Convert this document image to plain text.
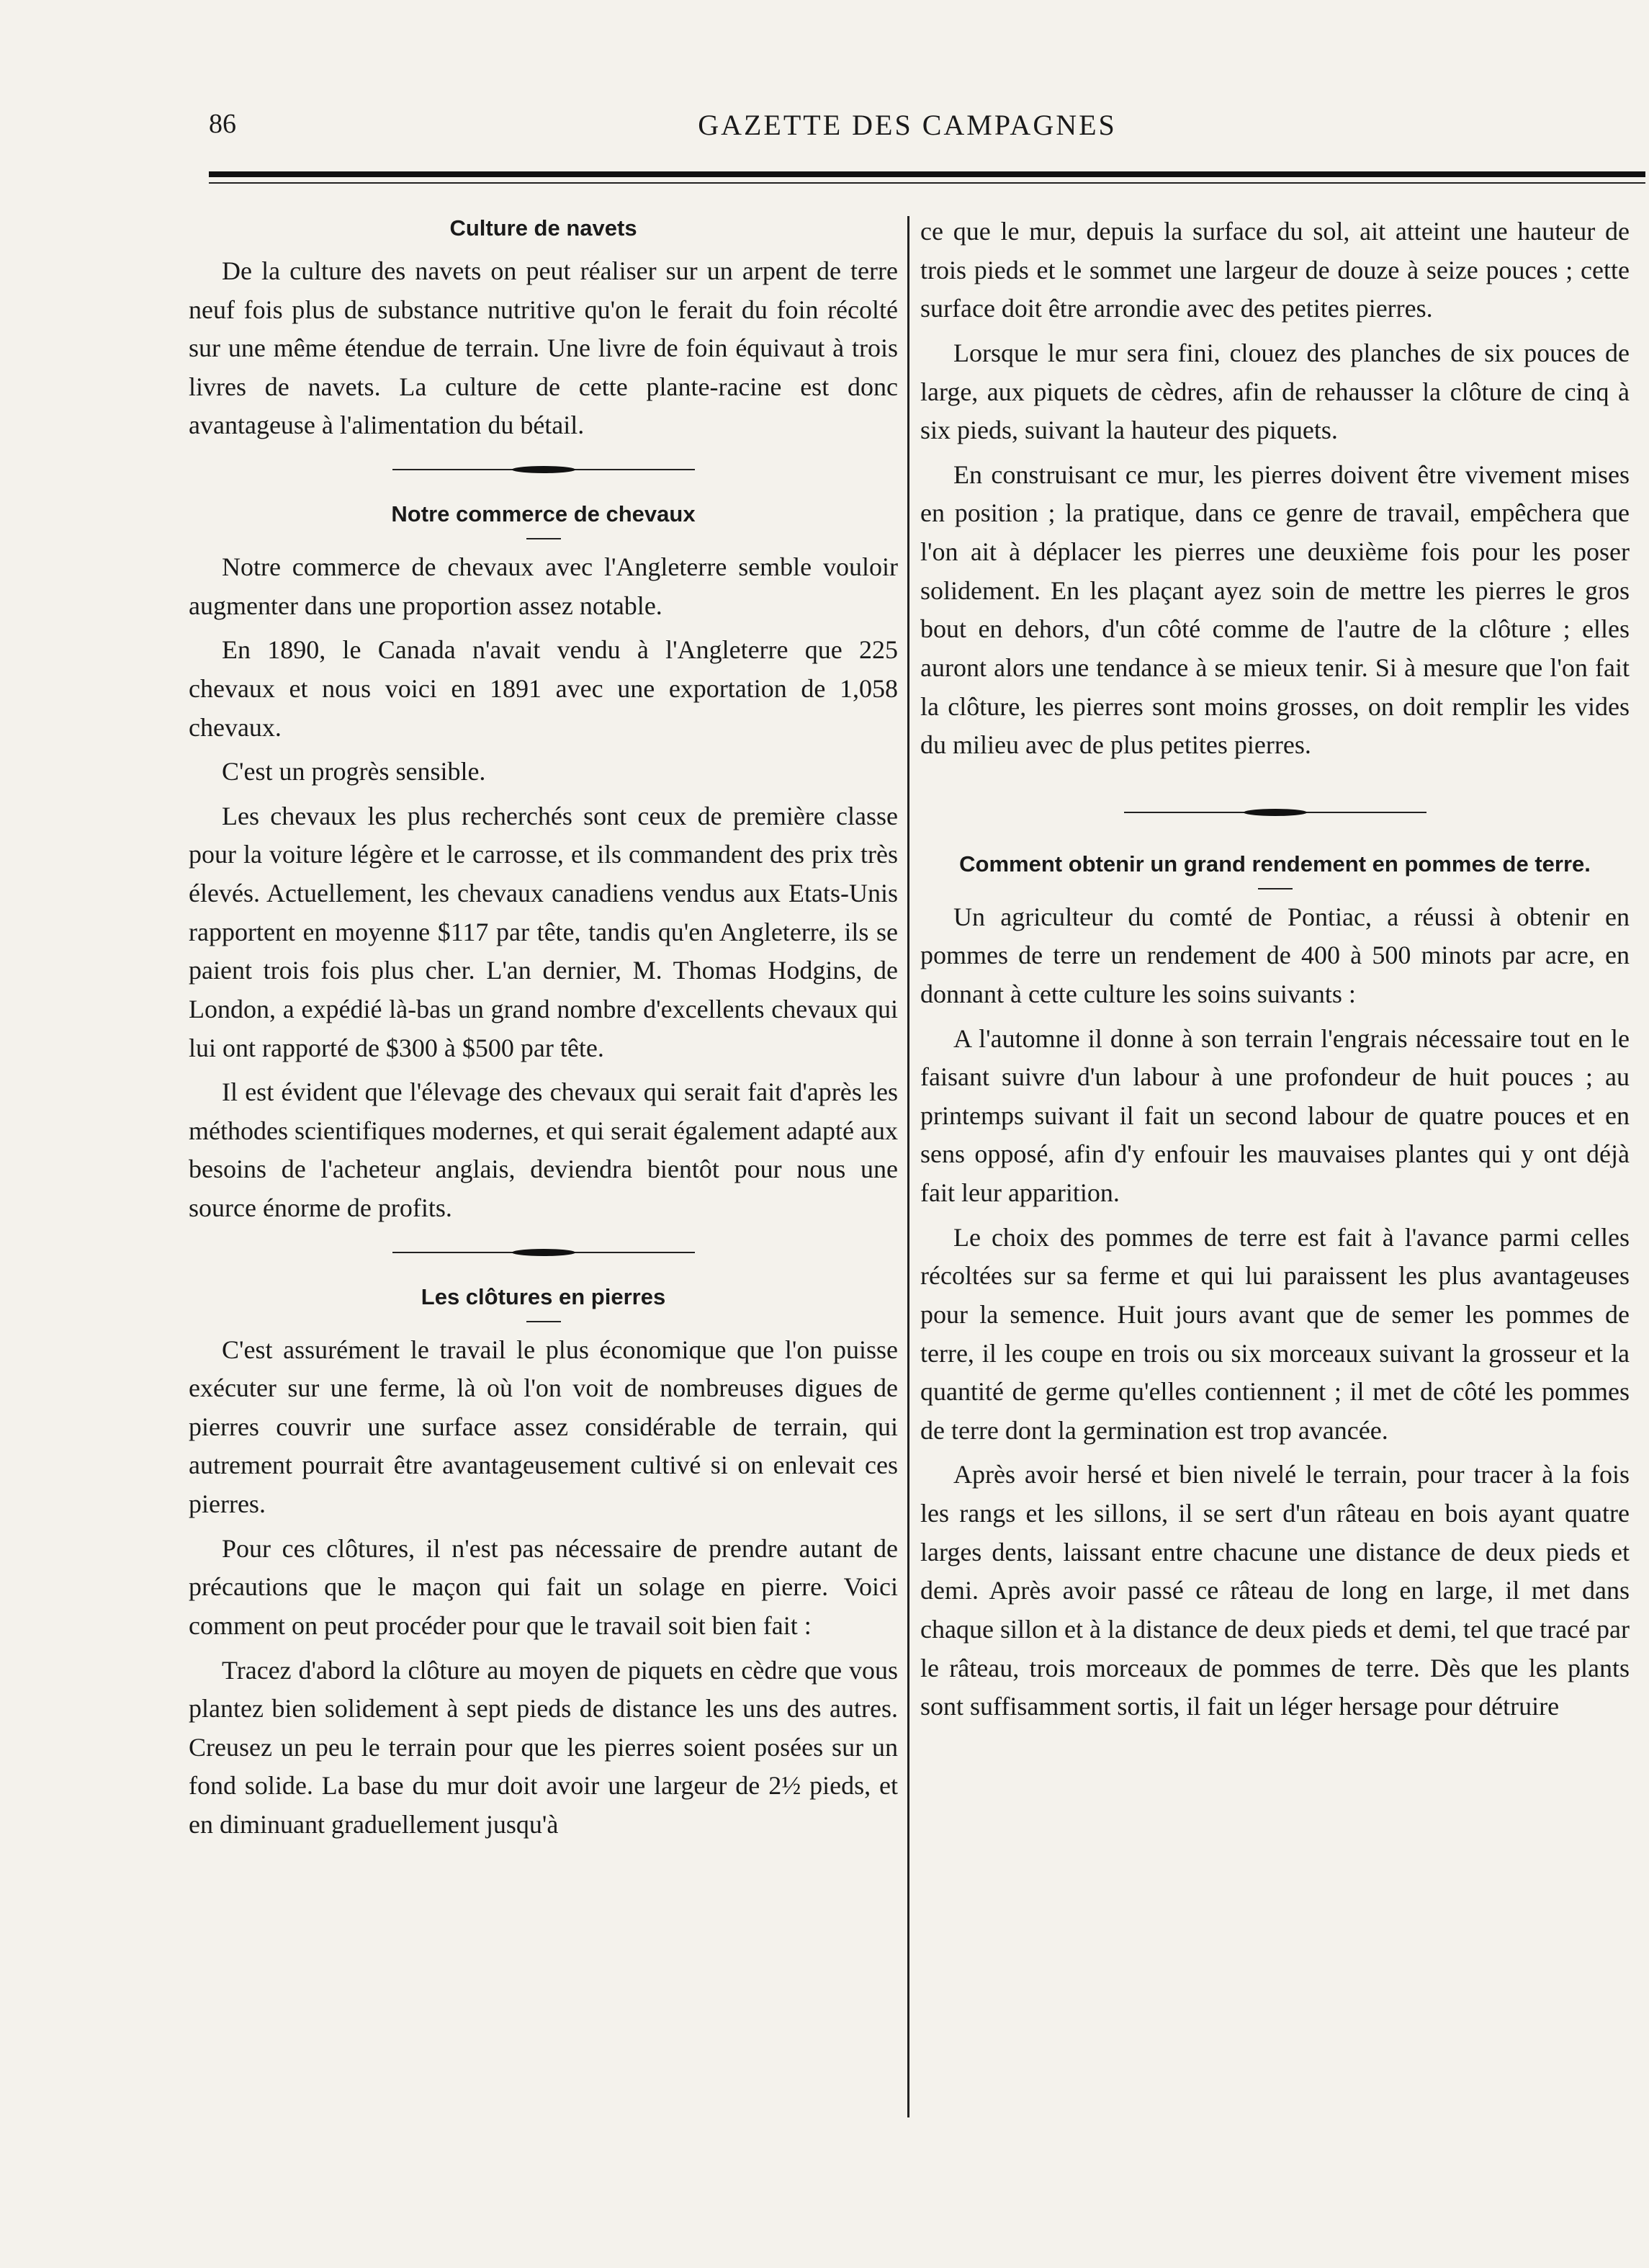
86	GAZETTE DES CAMPAGNES
Culture de navets

De la culture des navets on peut réaliser sur un arpent de terre neuf fois plus de substance nutritive qu'on le ferait du foin récolté sur une même étendue de terrain. Une livre de foin équivaut à trois livres de navets. La culture de cette plante-racine est donc avantageuse à l'alimentation du bétail.

Notre commerce de chevaux

Notre commerce de chevaux avec l'Angleterre semble vouloir augmenter dans une proportion assez notable.

En 1890, le Canada n'avait vendu à l'Angleterre que 225 chevaux et nous voici en 1891 avec une exportation de 1,058 chevaux.

C'est un progrès sensible.

Les chevaux les plus recherchés sont ceux de première classe pour la voiture légère et le carrosse, et ils commandent des prix très élevés. Actuellement, les chevaux canadiens vendus aux Etats-Unis rapportent en moyenne $117 par tête, tandis qu'en Angleterre, ils se paient trois fois plus cher. L'an dernier, M. Thomas Hodgins, de London, a expédié là-bas un grand nombre d'excellents chevaux qui lui ont rapporté de $300 à $500 par tête.

Il est évident que l'élevage des chevaux qui serait fait d'après les méthodes scientifiques modernes, et qui serait également adapté aux besoins de l'acheteur anglais, deviendra bientôt pour nous une source énorme de profits.

Les clôtures en pierres

C'est assurément le travail le plus économique que l'on puisse exécuter sur une ferme, là où l'on voit de nombreuses digues de pierres couvrir une surface assez considérable de terrain, qui autrement pourrait être avantageusement cultivé si on enlevait ces pierres.

Pour ces clôtures, il n'est pas nécessaire de prendre autant de précautions que le maçon qui fait un solage en pierre. Voici comment on peut procéder pour que le travail soit bien fait :

Tracez d'abord la clôture au moyen de piquets en cèdre que vous plantez bien solidement à sept pieds de distance les uns des autres. Creusez un peu le terrain pour que les pierres soient posées sur un fond solide. La base du mur doit avoir une largeur de 2½ pieds, et en diminuant graduellement jusqu'à

ce que le mur, depuis la surface du sol, ait atteint une hauteur de trois pieds et le sommet une largeur de douze à seize pouces ; cette surface doit être arrondie avec des petites pierres.

Lorsque le mur sera fini, clouez des planches de six pouces de large, aux piquets de cèdres, afin de rehausser la clôture de cinq à six pieds, suivant la hauteur des piquets.

En construisant ce mur, les pierres doivent être vivement mises en position ; la pratique, dans ce genre de travail, empêchera que l'on ait à déplacer les pierres une deuxième fois pour les poser solidement. En les plaçant ayez soin de mettre les pierres le gros bout en dehors, d'un côté comme de l'autre de la clôture ; elles auront alors une tendance à se mieux tenir. Si à mesure que l'on fait la clôture, les pierres sont moins grosses, on doit remplir les vides du milieu avec de plus petites pierres.

Comment obtenir un grand rendement en pommes de terre.

Un agriculteur du comté de Pontiac, a réussi à obtenir en pommes de terre un rendement de 400 à 500 minots par acre, en donnant à cette culture les soins suivants :

A l'automne il donne à son terrain l'engrais nécessaire tout en le faisant suivre d'un labour à une profondeur de huit pouces ; au printemps suivant il fait un second labour de quatre pouces et en sens opposé, afin d'y enfouir les mauvaises plantes qui y ont déjà fait leur apparition.

Le choix des pommes de terre est fait à l'avance parmi celles récoltées sur sa ferme et qui lui paraissent les plus avantageuses pour la semence. Huit jours avant que de semer les pommes de terre, il les coupe en trois ou six morceaux suivant la grosseur et la quantité de germe qu'elles contiennent ; il met de côté les pommes de terre dont la germination est trop avancée.

Après avoir hersé et bien nivelé le terrain, pour tracer à la fois les rangs et les sillons, il se sert d'un râteau en bois ayant quatre larges dents, laissant entre chacune une distance de deux pieds et demi. Après avoir passé ce râteau de long en large, il met dans chaque sillon et à la distance de deux pieds et demi, tel que tracé par le râteau, trois morceaux de pommes de terre. Dès que les plants sont suffisamment sortis, il fait un léger hersage pour détruire
